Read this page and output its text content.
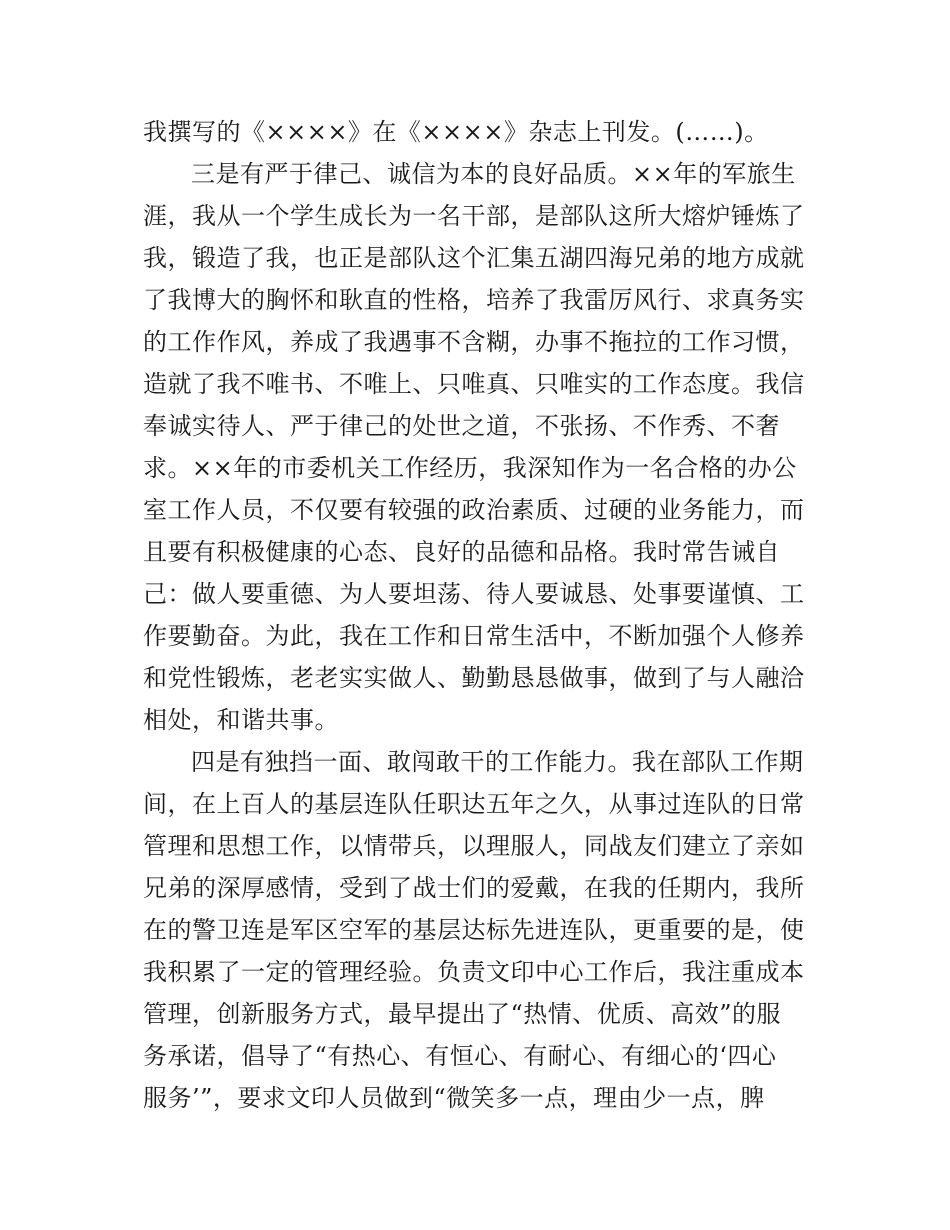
我撰写的《××××》在《××××》杂志上刊发。(……)。
三是有严于律己、诚信为本的良好品质。××年的军旅生
涯，我从一个学生成长为一名干部，是部队这所大熔炉锤炼了
我，锻造了我，也正是部队这个汇集五湖四海兄弟的地方成就
了我博大的胸怀和耿直的性格，培养了我雷厉风行、求真务实
的工作作风，养成了我遇事不含糊，办事不拖拉的工作习惯，
造就了我不唯书、不唯上、只唯真、只唯实的工作态度。我信
奉诚实待人、严于律己的处世之道，不张扬、不作秀、不奢
求。××年的市委机关工作经历，我深知作为一名合格的办公
室工作人员，不仅要有较强的政治素质、过硬的业务能力，而
且要有积极健康的心态、良好的品德和品格。我时常告诫自
己：做人要重德、为人要坦荡、待人要诚恳、处事要谨慎、工
作要勤奋。为此，我在工作和日常生活中，不断加强个人修养
和党性锻炼，老老实实做人、勤勤恳恳做事，做到了与人融洽
相处，和谐共事。
四是有独挡一面、敢闯敢干的工作能力。我在部队工作期
间，在上百人的基层连队任职达五年之久，从事过连队的日常
管理和思想工作，以情带兵，以理服人，同战友们建立了亲如
兄弟的深厚感情，受到了战士们的爱戴，在我的任期内，我所
在的警卫连是军区空军的基层达标先进连队，更重要的是，使
我积累了一定的管理经验。负责文印中心工作后，我注重成本
管理，创新服务方式，最早提出了“热情、优质、高效”的服
务承诺，倡导了“有热心、有恒心、有耐心、有细心的‘四心
服务’”，要求文印人员做到“微笑多一点，理由少一点，脾
